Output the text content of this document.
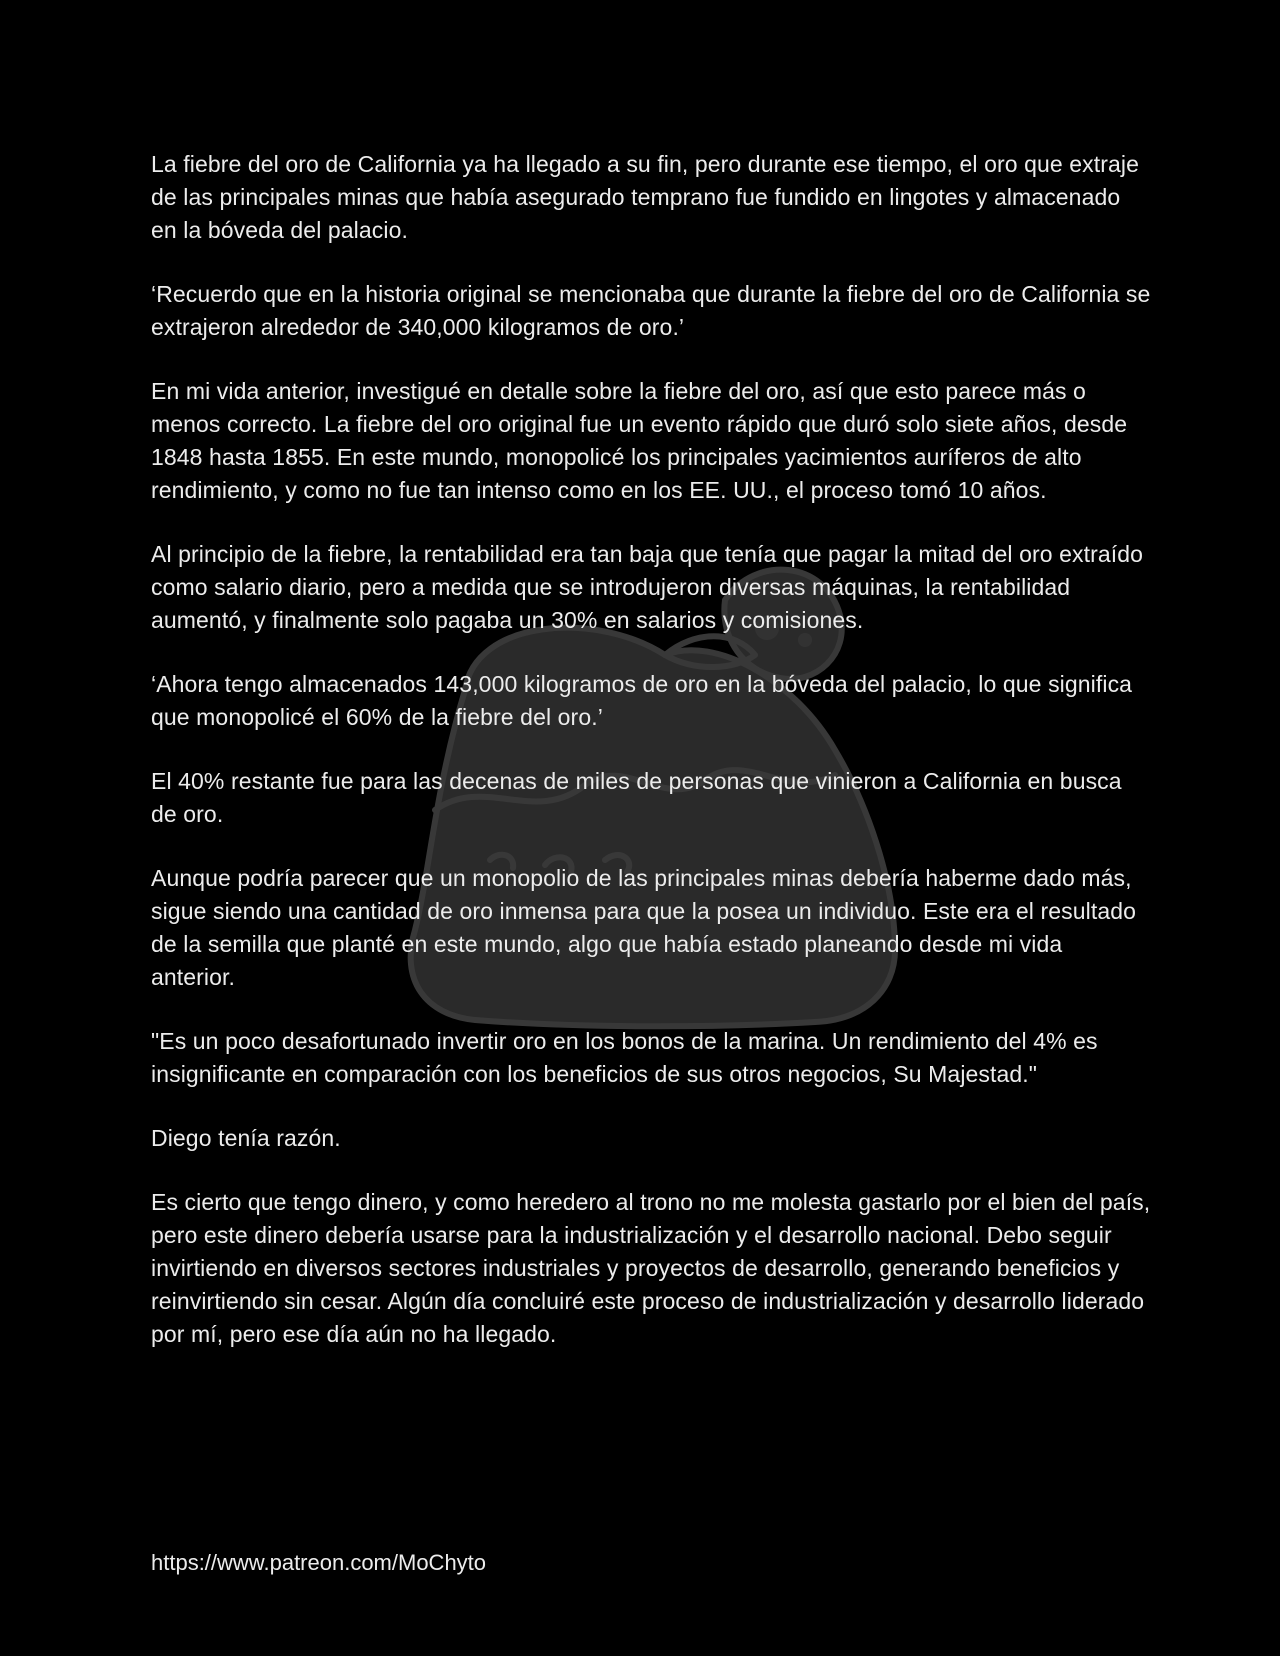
La fiebre del oro de California ya ha llegado a su fin, pero durante ese tiempo, el oro que extraje de las principales minas que había asegurado temprano fue fundido en lingotes y almacenado en la bóveda del palacio.

‘Recuerdo que en la historia original se mencionaba que durante la fiebre del oro de California se extrajeron alrededor de 340,000 kilogramos de oro.’

En mi vida anterior, investigué en detalle sobre la fiebre del oro, así que esto parece más o menos correcto. La fiebre del oro original fue un evento rápido que duró solo siete años, desde 1848 hasta 1855. En este mundo, monopolicé los principales yacimientos auríferos de alto rendimiento, y como no fue tan intenso como en los EE. UU., el proceso tomó 10 años.

Al principio de la fiebre, la rentabilidad era tan baja que tenía que pagar la mitad del oro extraído como salario diario, pero a medida que se introdujeron diversas máquinas, la rentabilidad aumentó, y finalmente solo pagaba un 30% en salarios y comisiones.

‘Ahora tengo almacenados 143,000 kilogramos de oro en la bóveda del palacio, lo que significa que monopolicé el 60% de la fiebre del oro.’

El 40% restante fue para las decenas de miles de personas que vinieron a California en busca de oro.

Aunque podría parecer que un monopolio de las principales minas debería haberme dado más, sigue siendo una cantidad de oro inmensa para que la posea un individuo. Este era el resultado de la semilla que planté en este mundo, algo que había estado planeando desde mi vida anterior.

"Es un poco desafortunado invertir oro en los bonos de la marina. Un rendimiento del 4% es insignificante en comparación con los beneficios de sus otros negocios, Su Majestad."

Diego tenía razón.

Es cierto que tengo dinero, y como heredero al trono no me molesta gastarlo por el bien del país, pero este dinero debería usarse para la industrialización y el desarrollo nacional. Debo seguir invirtiendo en diversos sectores industriales y proyectos de desarrollo, generando beneficios y reinvirtiendo sin cesar. Algún día concluiré este proceso de industrialización y desarrollo liderado por mí, pero ese día aún no ha llegado.

https://www.patreon.com/MoChyto
